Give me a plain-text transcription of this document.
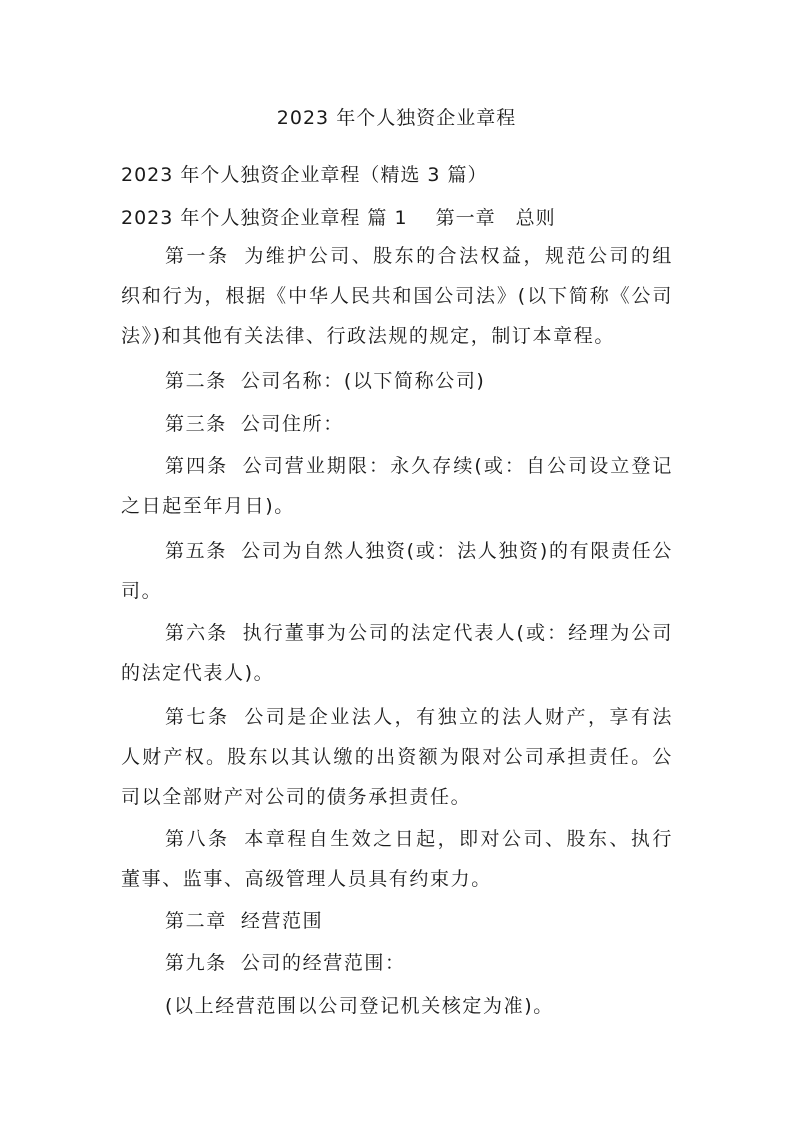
2023 年个人独资企业章程
2023 年个人独资企业章程（精选 3 篇）
2023 年个人独资企业章程 篇 1 第一章　总则
第一条 为维护公司、股东的合法权益，规范公司的组织和行为，根据《中华人民共和国公司法》(以下简称《公司法》)和其他有关法律、行政法规的规定，制订本章程。
第二条 公司名称：(以下简称公司)
第三条 公司住所：
第四条 公司营业期限：永久存续(或：自公司设立登记之日起至年月日)。
第五条 公司为自然人独资(或：法人独资)的有限责任公司。
第六条 执行董事为公司的法定代表人(或：经理为公司的法定代表人)。
第七条 公司是企业法人，有独立的法人财产，享有法人财产权。股东以其认缴的出资额为限对公司承担责任。公司以全部财产对公司的债务承担责任。
第八条 本章程自生效之日起，即对公司、股东、执行董事、监事、高级管理人员具有约束力。
第二章 经营范围
第九条 公司的经营范围：
(以上经营范围以公司登记机关核定为准)。
